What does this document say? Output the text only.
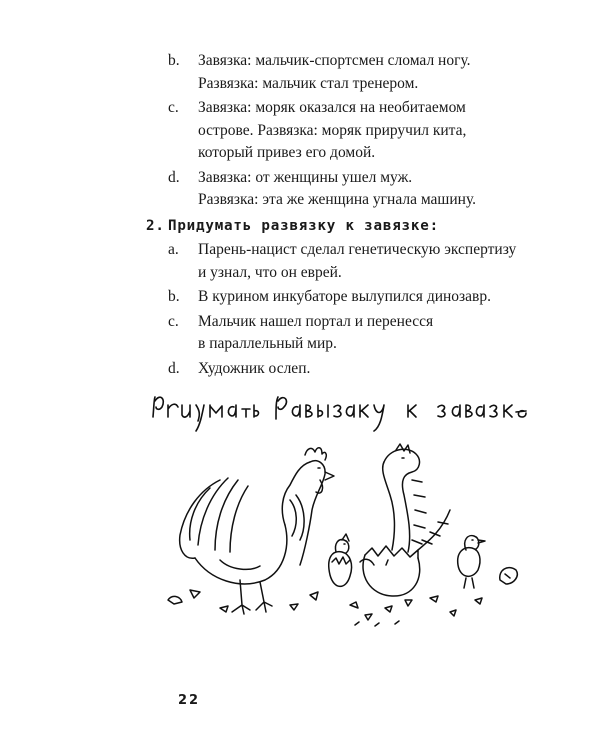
b. Завязка: мальчик-спортсмен сломал ногу.
Развязка: мальчик стал тренером.
c. Завязка: моряк оказался на необитаемом
острове. Развязка: моряк приручил кита,
который привез его домой.
d. Завязка: от женщины ушел муж.
Развязка: эта же женщина угнала машину.
2. Придумать развязку к завязке:
a. Парень-нацист сделал генетическую экспертизу
и узнал, что он еврей.
b. В курином инкубаторе вылупился динозавр.
c. Мальчик нашел портал и перенесся
в параллельный мир.
d. Художник ослеп.
22
